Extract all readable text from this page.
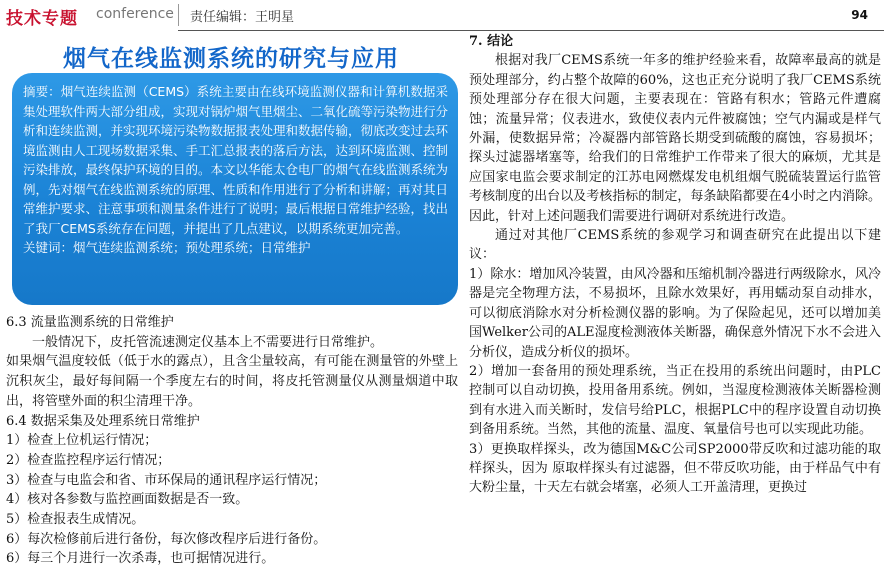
技术专题 conference 责任编辑：王明星	94
烟气在线监测系统的研究与应用

摘要：烟气连续监测（CEMS）系统主要由在线环境监测仪器和计算机数据采集处理软件两大部分组成，实现对锅炉烟气里烟尘、二氧化硫等污染物进行分析和连续监测，并实现环境污染物数据报表处理和数据传输，彻底改变过去环境监测由人工现场数据采集、手工汇总报表的落后方法，达到环境监测、控制污染排放，最终保护环境的目的。本文以华能太仓电厂的烟气在线监测系统为例，先对烟气在线监测系统的原理、性质和作用进行了分析和讲解；再对其日常维护要求、注意事项和测量条件进行了说明；最后根据日常维护经验，找出了我厂CEMS系统存在问题，并提出了几点建议，以期系统更加完善。

关键词：烟气连续监测系统；预处理系统；日常维护

6.3 流量监测系统的日常维护

一般情况下，皮托管流速测定仪基本上不需要进行日常维护。

如果烟气温度较低（低于水的露点），且含尘量较高，有可能在测量管的外壁上沉积灰尘，最好每间隔一个季度左右的时间，将皮托管测量仪从测量烟道中取出，将管壁外面的积尘清理干净。

6.4 数据采集及处理系统日常维护

1）检查上位机运行情况；

2）检查监控程序运行情况；

3）检查与电监会和省、市环保局的通讯程序运行情况；

4）核对各参数与监控画面数据是否一致。

5）检查报表生成情况。

6）每次检修前后进行备份，每次修改程序后进行备份。

6）每三个月进行一次杀毒，也可据情况进行。

7. 结论

根据对我厂CEMS系统一年多的维护经验来看，故障率最高的就是预处理部分，约占整个故障的60%，这也正充分说明了我厂CEMS系统预处理部分存在很大问题，主要表现在：管路有积水；管路元件遭腐蚀；流量异常；仪表进水，致使仪表内元件被腐蚀；空气内漏或是样气外漏，使数据异常；冷凝器内部管路长期受到硫酸的腐蚀，容易损坏；探头过滤器堵塞等，给我们的日常维护工作带来了很大的麻烦，尤其是应国家电监会要求制定的江苏电网燃煤发电机组烟气脱硫装置运行监管考核制度的出台以及考核指标的制定，每条缺陷都要在4小时之内消除。因此，针对上述问题我们需要进行调研对系统进行改造。

通过对其他厂CEMS系统的参观学习和调查研究在此提出以下建议：

1）除水：增加风冷装置，由风冷器和压缩机制冷器进行两级除水，风冷器是完全物理方法，不易损坏，且除水效果好，再用蠕动泵自动排水，可以彻底消除水对分析检测仪器的影响。为了保险起见，还可以增加美国Welker公司的ALE湿度检测液体关断器，确保意外情况下水不会进入分析仪，造成分析仪的损坏。

2）增加一套备用的预处理系统，当正在投用的系统出问题时，由PLC控制可以自动切换，投用备用系统。例如，当湿度检测液体关断器检测到有水进入而关断时，发信号给PLC，根据PLC中的程序设置自动切换到备用系统。当然，其他的流量、温度、氧量信号也可以实现此功能。

3）更换取样探头，改为德国M&C公司SP2000带反吹和过滤功能的取样探头，因为 原取样探头有过滤器，但不带反吹功能，由于样品气中有大粉尘量，十天左右就会堵塞，必须人工开盖清理，更换过
